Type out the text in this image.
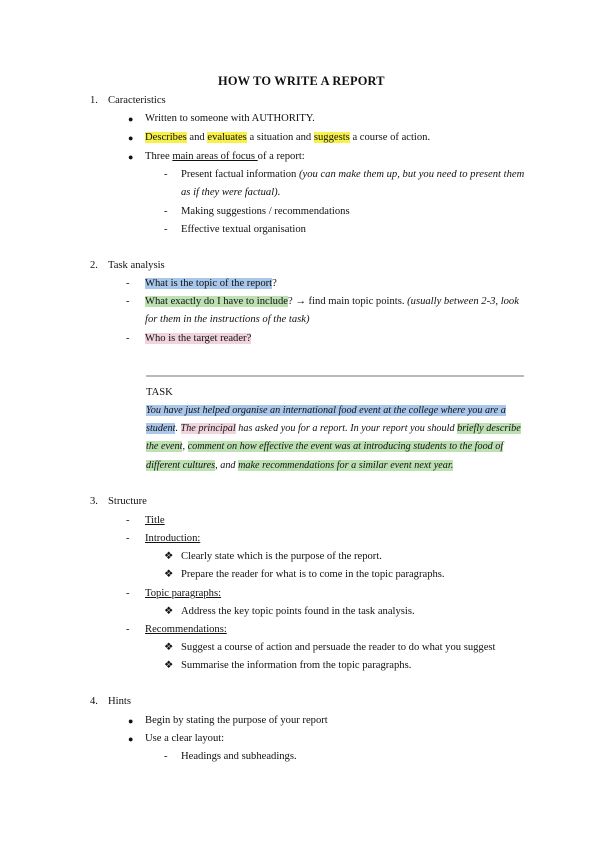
HOW TO WRITE A REPORT
1. Caracteristics
● Written to someone with AUTHORITY.
● Describes and evaluates a situation and suggests a course of action.
● Three main areas of focus of a report:
- Present factual information (you can make them up, but you need to present them
as if they were factual).
- Making suggestions / recommendations
- Effective textual organisation
2. Task analysis
- What is the topic of the report?
- What exactly do I have to include? → find main topic points. (usually between 2-3, look
for them in the instructions of the task)
- Who is the target reader?
TASK
You have just helped organise an international food event at the college where you are a
student. The principal has asked you for a report. In your report you should briefly describe
the event, comment on how effective the event was at introducing students to the food of
different cultures, and make recommendations for a similar event next year.
3. Structure
- Title
- Introduction:
❖ Clearly state which is the purpose of the report.
❖ Prepare the reader for what is to come in the topic paragraphs.
- Topic paragraphs:
❖ Address the key topic points found in the task analysis.
- Recommendations:
❖ Suggest a course of action and persuade the reader to do what you suggest
❖ Summarise the information from the topic paragraphs.
4. Hints
● Begin by stating the purpose of your report
● Use a clear layout:
- Headings and subheadings.
